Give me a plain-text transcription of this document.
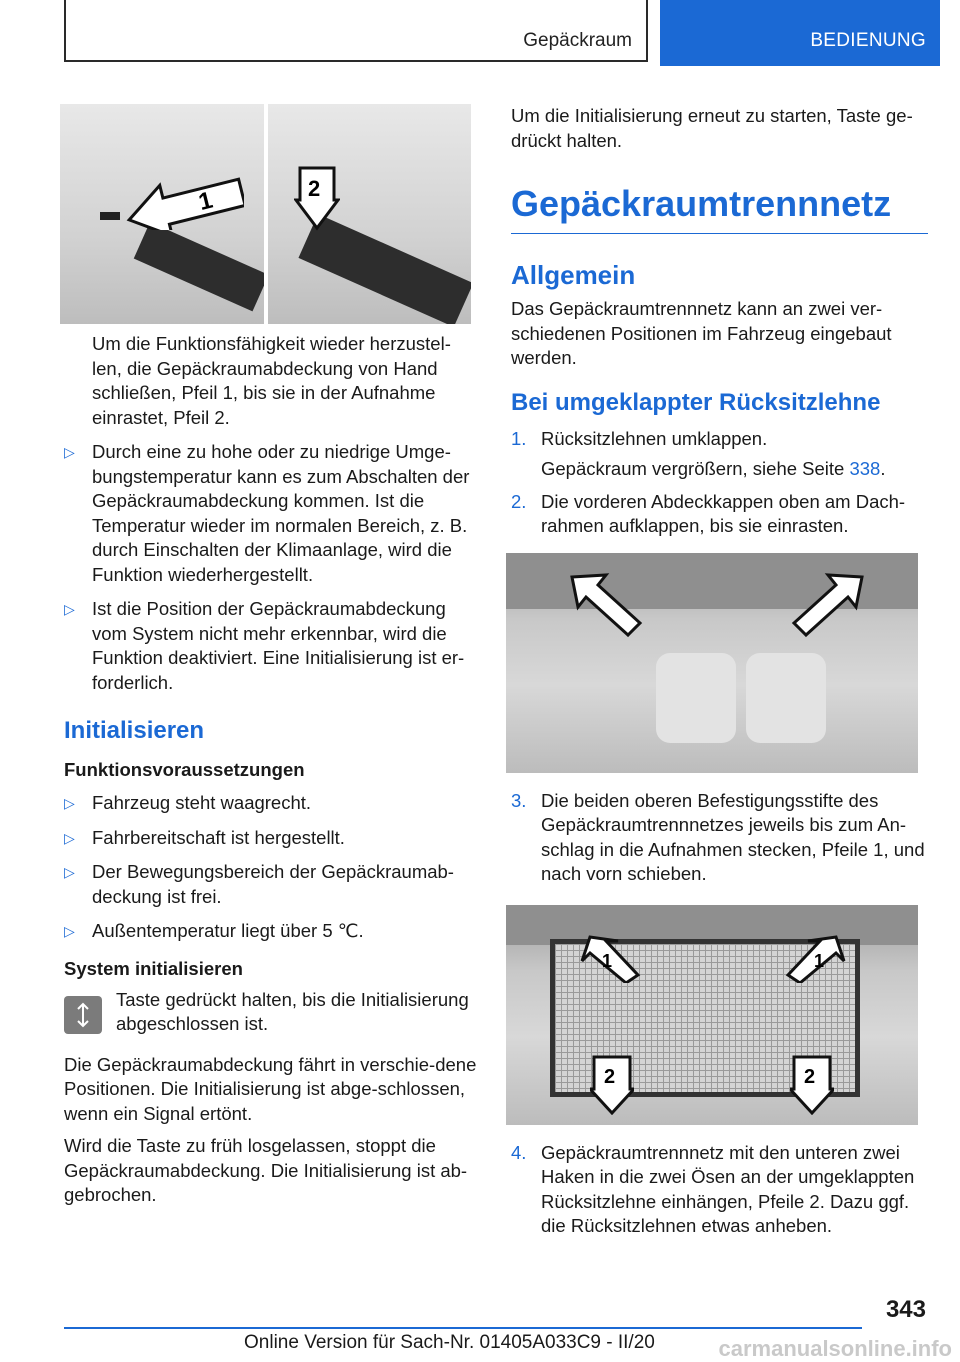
Gepäckraum	BEDIENUNG
1	2

Um die Funktionsfähigkeit wieder herzustel-len, die Gepäckraumabdeckung von Hand schließen, Pfeil 1, bis sie in der Aufnahme einrastet, Pfeil 2.

▷ Durch eine zu hohe oder zu niedrige Umge-bungstemperatur kann es zum Abschalten der Gepäckraumabdeckung kommen. Ist die Temperatur wieder im normalen Bereich, z. B. durch Einschalten der Klimaanlage, wird die Funktion wiederhergestellt.
▷ Ist die Position der Gepäckraumabdeckung vom System nicht mehr erkennbar, wird die Funktion deaktiviert. Eine Initialisierung ist er-forderlich.
Initialisieren
Funktionsvoraussetzungen
▷ Fahrzeug steht waagrecht.
▷ Fahrbereitschaft ist hergestellt.
▷ Der Bewegungsbereich der Gepäckraumab-deckung ist frei.
▷ Außentemperatur liegt über 5 ℃.
System initialisieren

Taste gedrückt halten, bis die Initialisierung abgeschlossen ist.

Die Gepäckraumabdeckung fährt in verschie-dene Positionen. Die Initialisierung ist abge-schlossen, wenn ein Signal ertönt.

Wird die Taste zu früh losgelassen, stoppt die Gepäckraumabdeckung. Die Initialisierung ist ab-gebrochen.

Um die Initialisierung erneut zu starten, Taste ge-drückt halten.

Gepäckraumtrennnetz
Allgemein

Das Gepäckraumtrennnetz kann an zwei ver-schiedenen Positionen im Fahrzeug eingebaut werden.

Bei umgeklappter Rücksitzlehne
1. Rücksitzlehnen umklappen.
Gepäckraum vergrößern, siehe Seite 338.
2. Die vorderen Abdeckkappen oben am Dach-rahmen aufklappen, bis sie einrasten.
3. Die beiden oberen Befestigungsstifte des Gepäckraumtrennnetzes jeweils bis zum An-schlag in die Aufnahmen stecken, Pfeile 1, und nach vorn schieben.
1	1
2	2
4. Gepäckraumtrennnetz mit den unteren zwei Haken in die zwei Ösen an der umgeklappten Rücksitzlehne einhängen, Pfeile 2. Dazu ggf. die Rücksitzlehnen etwas anheben.
343
Online Version für Sach-Nr. 01405A033C9 - II/20	carmanualsonline.info
